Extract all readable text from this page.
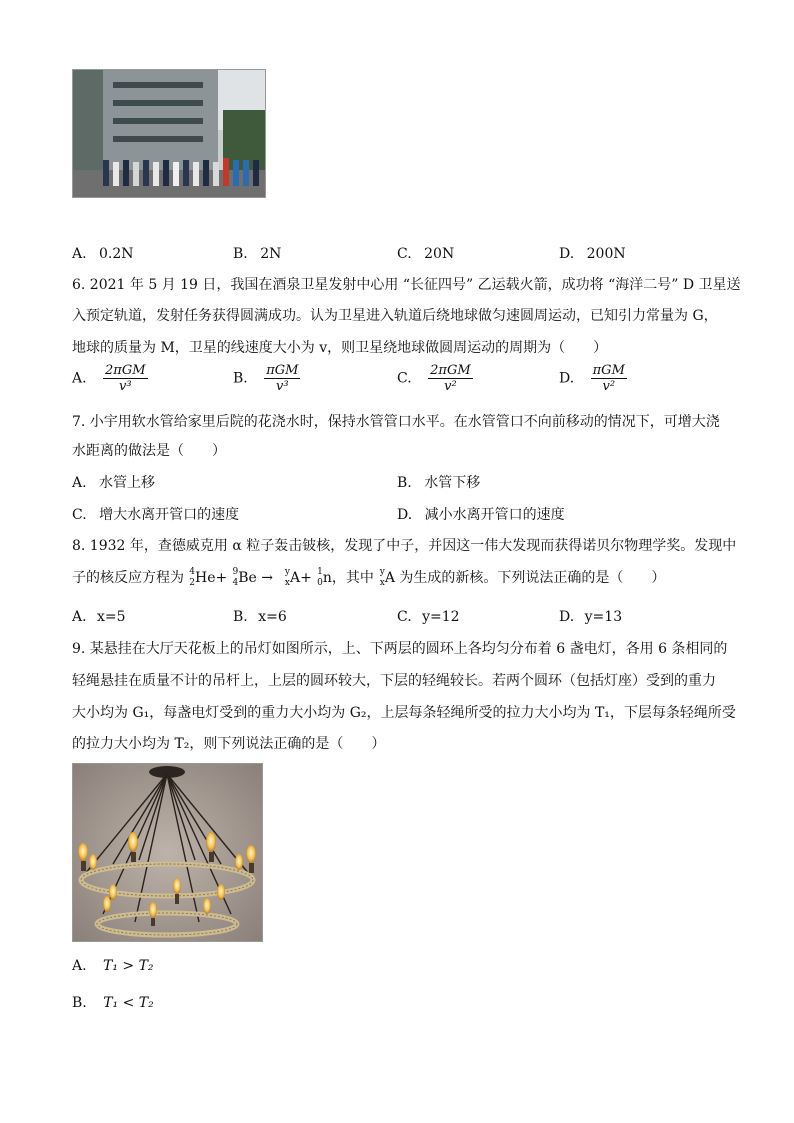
A. 0.2N	B. 2N	C. 20N	D. 200N
6. 2021 年 5 月 19 日，我国在酒泉卫星发射中心用 “长征四号” 乙运载火箭，成功将 “海洋二号” D 卫星送
入预定轨道，发射任务获得圆满成功。认为卫星进入轨道后绕地球做匀速圆周运动，已知引力常量为 G，
地球的质量为 M，卫星的线速度大小为 v，则卫星绕地球做圆周运动的周期为（　　）
A. $\frac{\text{2πGM}}{\text{v³}}$	B. $\frac{\text{πGM}}{\text{v³}}$	C. $\frac{\text{2πGM}}{\text{v²}}$	D. $\frac{\text{πGM}}{\text{v²}}$
7. 小宇用软水管给家里后院的花浇水时，保持水管管口水平。在水管管口不向前移动的情况下，可增大浇
水距离的做法是（　　）
A. 水管上移	B. 水管下移
C. 增大水离开管口的速度	D. 减小水离开管口的速度
8. 1932 年，查德威克用 α 粒子轰击铍核，发现了中子，并因这一伟大发现而获得诺贝尔物理学奖。发现中
子的核反应方程为 4
2 He+ 9
4 Be →	y
x A+ 1
0 n，其中 y
x A 为生成的新核。下列说法正确的是（　　）
A. x=5	B. x=6	C. y=12	D. y=13
9. 某悬挂在大厅天花板上的吊灯如图所示，上、下两层的圆环上各均匀分布着 6 盏电灯，各用 6 条相同的
轻绳悬挂在质量不计的吊杆上，上层的圆环较大，下层的轻绳较长。若两个圆环（包括灯座）受到的重力
大小均为 G₁，每盏电灯受到的重力大小均为 G₂，上层每条轻绳所受的拉力大小均为 T₁，下层每条轻绳所受
的拉力大小均为 T₂，则下列说法正确的是（　　）
A. T₁ > T₂
B. T₁ < T₂
